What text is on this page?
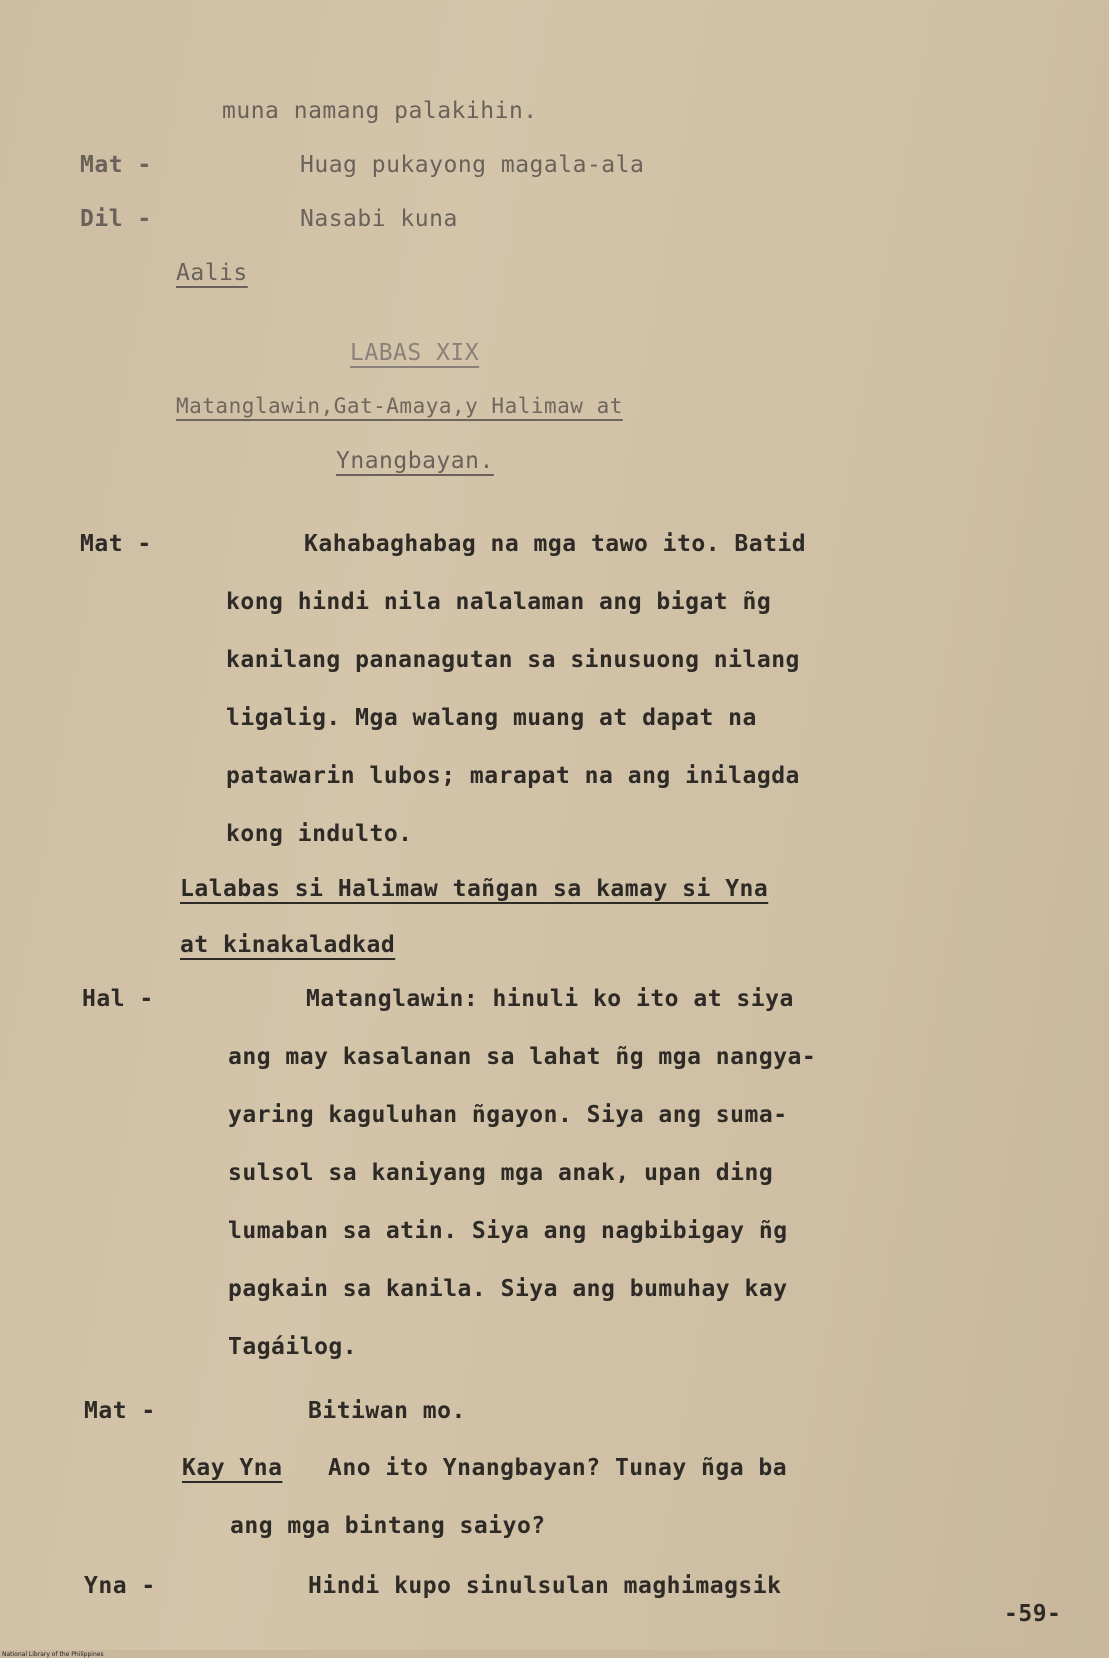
muna namang palakihin.
Mat -	Huag pukayong magala-ala
Dil -	Nasabi kuna
Aalis
LABAS XIX
Matanglawin,Gat-Amaya,y Halimaw at
Ynangbayan.
Mat -	Kahabaghabag na mga tawo ito. Batid
kong hindi nila nalalaman ang bigat ñg
kanilang pananagutan sa sinusuong nilang
ligalig. Mga walang muang at dapat na
patawarin lubos; marapat na ang inilagda
kong indulto.
Lalabas si Halimaw tañgan sa kamay si Yna
at kinakaladkad
Hal -	Matanglawin: hinuli ko ito at siya
ang may kasalanan sa lahat ñg mga nangya-
yaring kaguluhan ñgayon. Siya ang suma-
sulsol sa kaniyang mga anak, upan ding
lumaban sa atin. Siya ang nagbibigay ñg
pagkain sa kanila. Siya ang bumuhay kay
Tagáilog.
Mat -	Bitiwan mo.
Kay Yna Ano ito Ynangbayan? Tunay ñga ba
ang mga bintang saiyo?
Yna -	Hindi kupo sinulsulan maghimagsik
-59-
National Library of the Philippines
